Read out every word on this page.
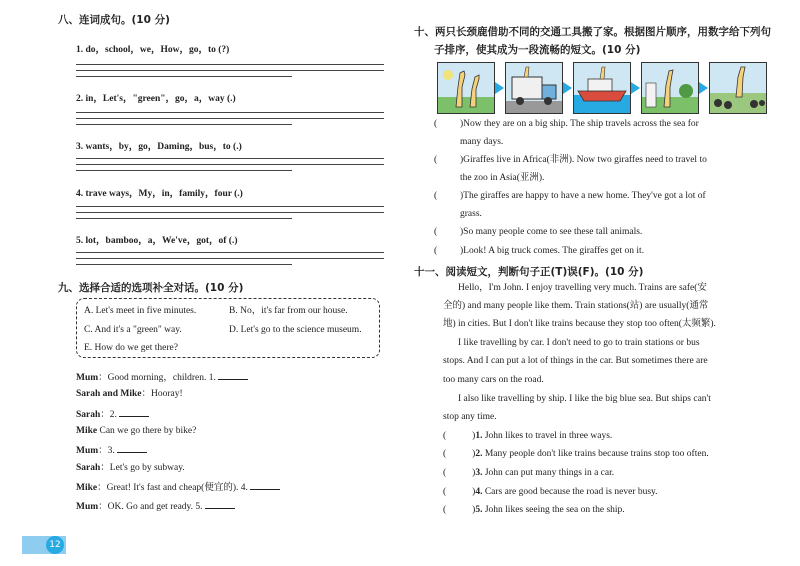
八、连词成句。(10 分)
1. do，school，we，How，go，to (?)
2. in，Let's，"green"，go，a，way (.)
3. wants，by，go，Daming，bus，to (.)
4. trave ways，My，in，family，four (.)
5. lot，bamboo，a，We've，got，of (.)
九、选择合适的选项补全对话。(10 分)
A. Let's meet in five minutes.	B. No，it's far from our house.
C. And it's a "green" way.	D. Let's go to the science museum.
E. How do we get there?
Mum：Good morning，children. 1.
Sarah and Mike：Hooray!
Sarah：2.
Mike Can we go there by bike?
Mum：3.
Sarah：Let's go by subway.
Mike：Great! It's fast and cheap(便宜的). 4.
Mum：OK. Go and get ready. 5.
12
十、两只长颈鹿借助不同的交通工具搬了家。根据图片顺序，用数字给下列句
子排序，使其成为一段流畅的短文。(10 分)
( )Now they are on a big ship. The ship travels across the sea for
many days.
( )Giraffes live in Africa(非洲). Now two giraffes need to travel to
the zoo in Asia(亚洲).
( )The giraffes are happy to have a new home. They've got a lot of
grass.
( )So many people come to see these tall animals.
( )Look! A big truck comes. The giraffes get on it.
十一、阅读短文，判断句子正(T)误(F)。(10 分)
Hello，I'm John. I enjoy travelling very much. Trains are safe(安
全的) and many people like them. Train stations(站) are usually(通常
地) in cities. But I don't like trains because they stop too often(太频繁).
I like travelling by car. I don't need to go to train stations or bus
stops. And I can put a lot of things in the car. But sometimes there are
too many cars on the road.
I also like travelling by ship. I like the big blue sea. But ships can't
stop any time.
(	)1. John likes to travel in three ways.
(	)2. Many people don't like trains because trains stop too often.
(	)3. John can put many things in a car.
(	)4. Cars are good because the road is never busy.
(	)5. John likes seeing the sea on the ship.
